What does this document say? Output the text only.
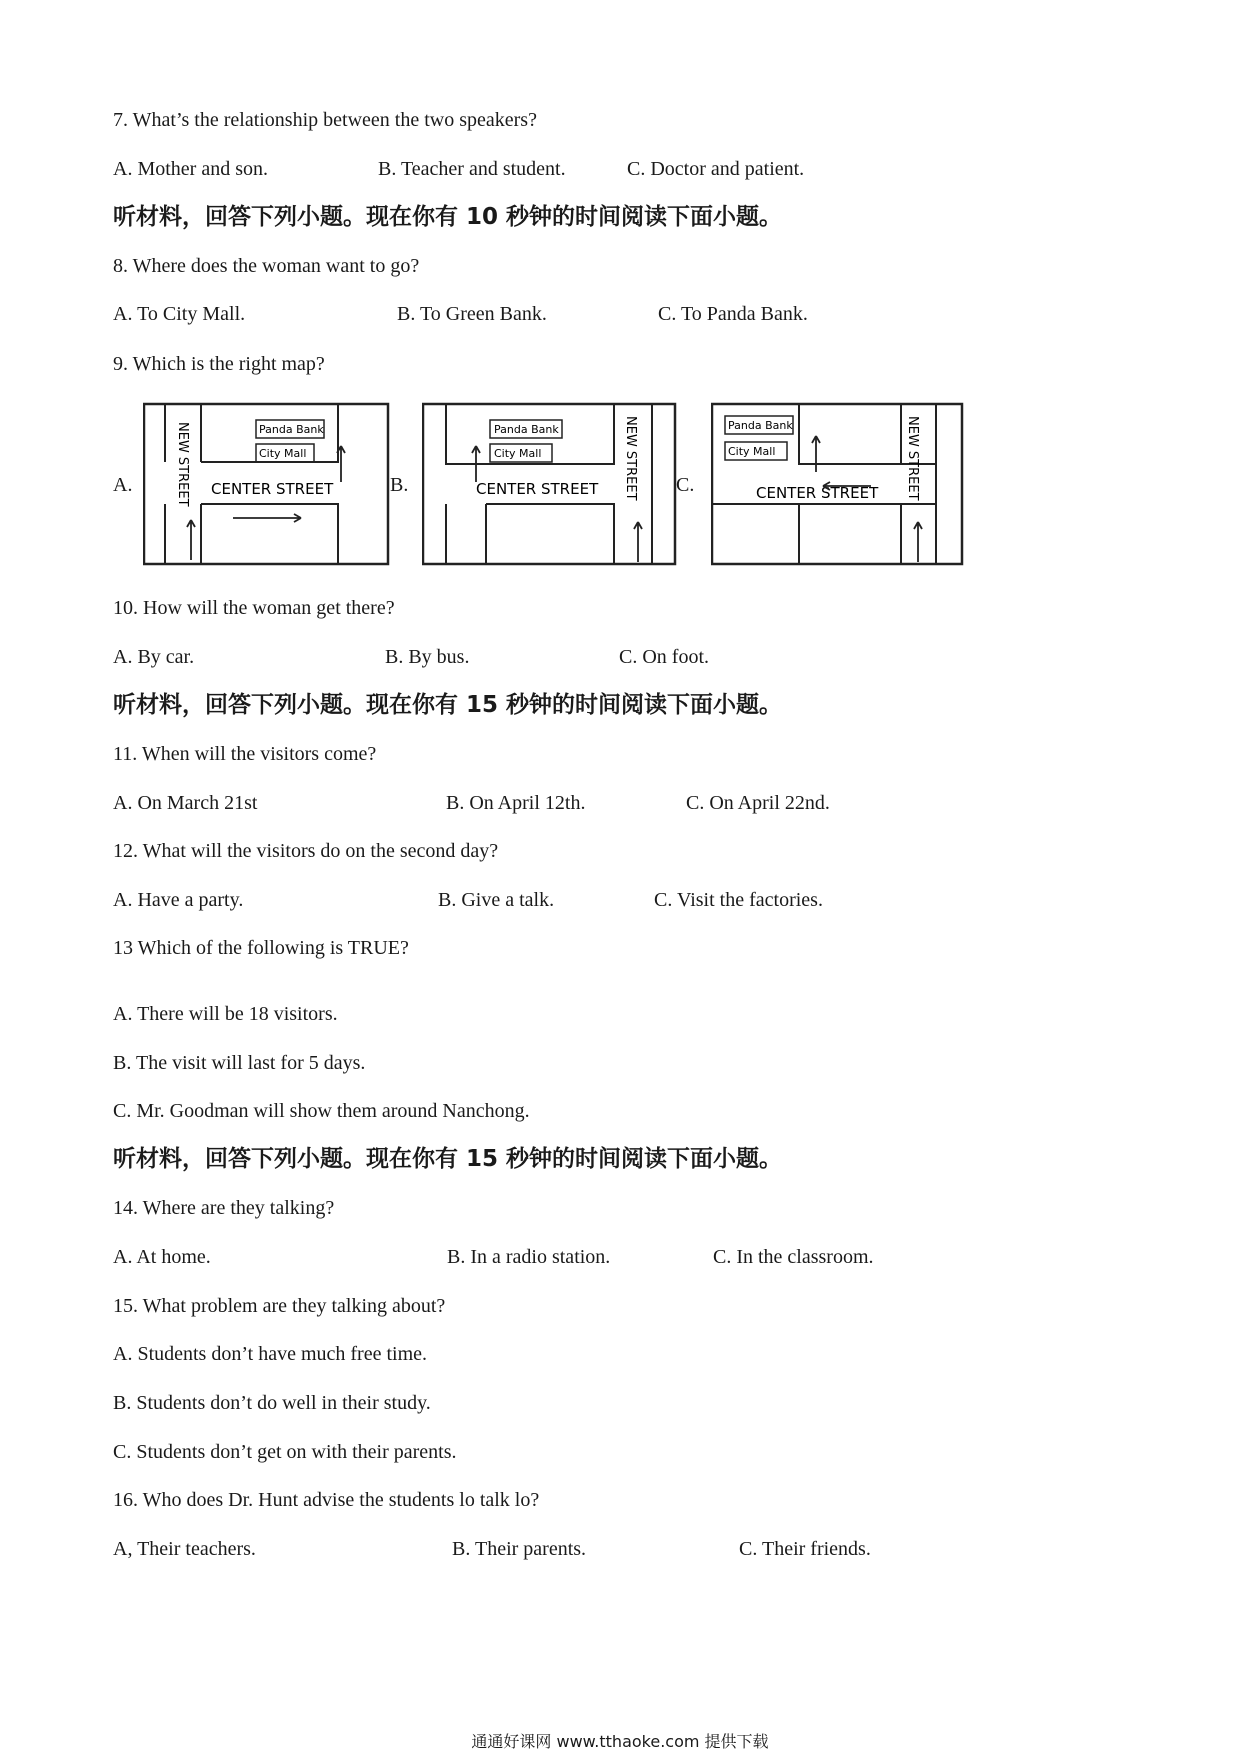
7. What’s the relationship between the two speakers?
A. Mother and son.	B. Teacher and student.	C. Doctor and patient.
听材料，回答下列小题。现在你有 10 秒钟的时间阅读下面小题。
8. Where does the woman want to go?
A. To City Mall.	B. To Green Bank.	C. To Panda Bank.
9. Which is the right map?
A.	B.	C.
Panda Bank
City Mall
CENTER STREET
NEW STREET	Panda Bank
City Mall
CENTER STREET NEW STREET	Panda Bank
City Mall
CENTER STREET NEW STREET
10. How will the woman get there?
A. By car.	B. By bus.	C. On foot.
听材料，回答下列小题。现在你有 15 秒钟的时间阅读下面小题。
11. When will the visitors come?
A. On March 21st	B. On April 12th.	C. On April 22nd.
12. What will the visitors do on the second day?
A. Have a party.	B. Give a talk.	C. Visit the factories.
13 Which of the following is TRUE?
A. There will be 18 visitors.
B. The visit will last for 5 days.
C. Mr. Goodman will show them around Nanchong.
听材料，回答下列小题。现在你有 15 秒钟的时间阅读下面小题。
14. Where are they talking?
A. At home.	B. In a radio station.	C. In the classroom.
15. What problem are they talking about?
A. Students don’t have much free time.
B. Students don’t do well in their study.
C. Students don’t get on with their parents.
16. Who does Dr. Hunt advise the students lo talk lo?
A, Their teachers.	B. Their parents.	C. Their friends.
通通好课网 www.tthaoke.com 提供下载
